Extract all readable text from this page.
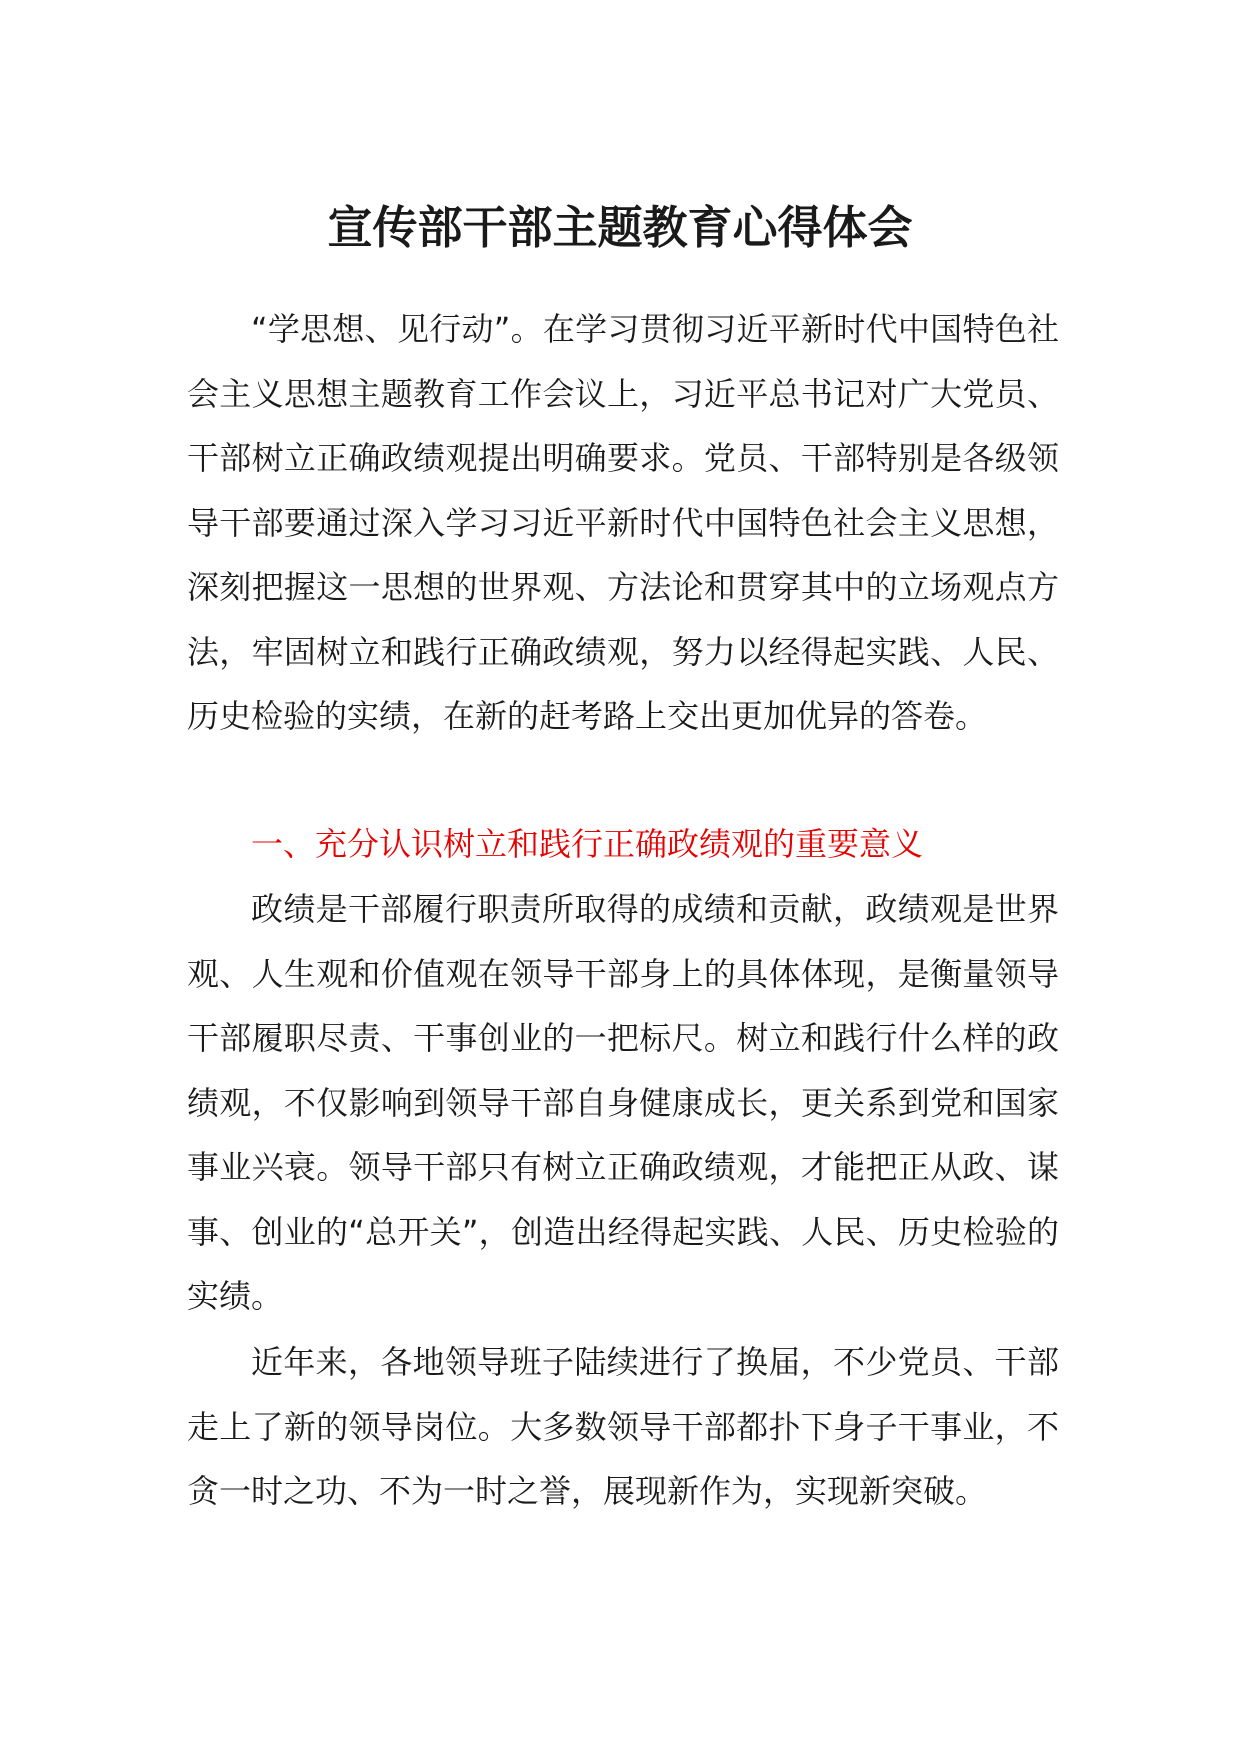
宣传部干部主题教育心得体会

“学思想、见行动”。在学习贯彻习近平新时代中国特色社会主义思想主题教育工作会议上，习近平总书记对广大党员、干部树立正确政绩观提出明确要求。党员、干部特别是各级领导干部要通过深入学习习近平新时代中国特色社会主义思想，深刻把握这一思想的世界观、方法论和贯穿其中的立场观点方法，牢固树立和践行正确政绩观，努力以经得起实践、人民、历史检验的实绩，在新的赶考路上交出更加优异的答卷。

一、充分认识树立和践行正确政绩观的重要意义

政绩是干部履行职责所取得的成绩和贡献，政绩观是世界观、人生观和价值观在领导干部身上的具体体现，是衡量领导干部履职尽责、干事创业的一把标尺。树立和践行什么样的政绩观，不仅影响到领导干部自身健康成长，更关系到党和国家事业兴衰。领导干部只有树立正确政绩观，才能把正从政、谋事、创业的“总开关”，创造出经得起实践、人民、历史检验的实绩。

近年来，各地领导班子陆续进行了换届，不少党员、干部走上了新的领导岗位。大多数领导干部都扑下身子干事业，不贪一时之功、不为一时之誉，展现新作为，实现新突破。
